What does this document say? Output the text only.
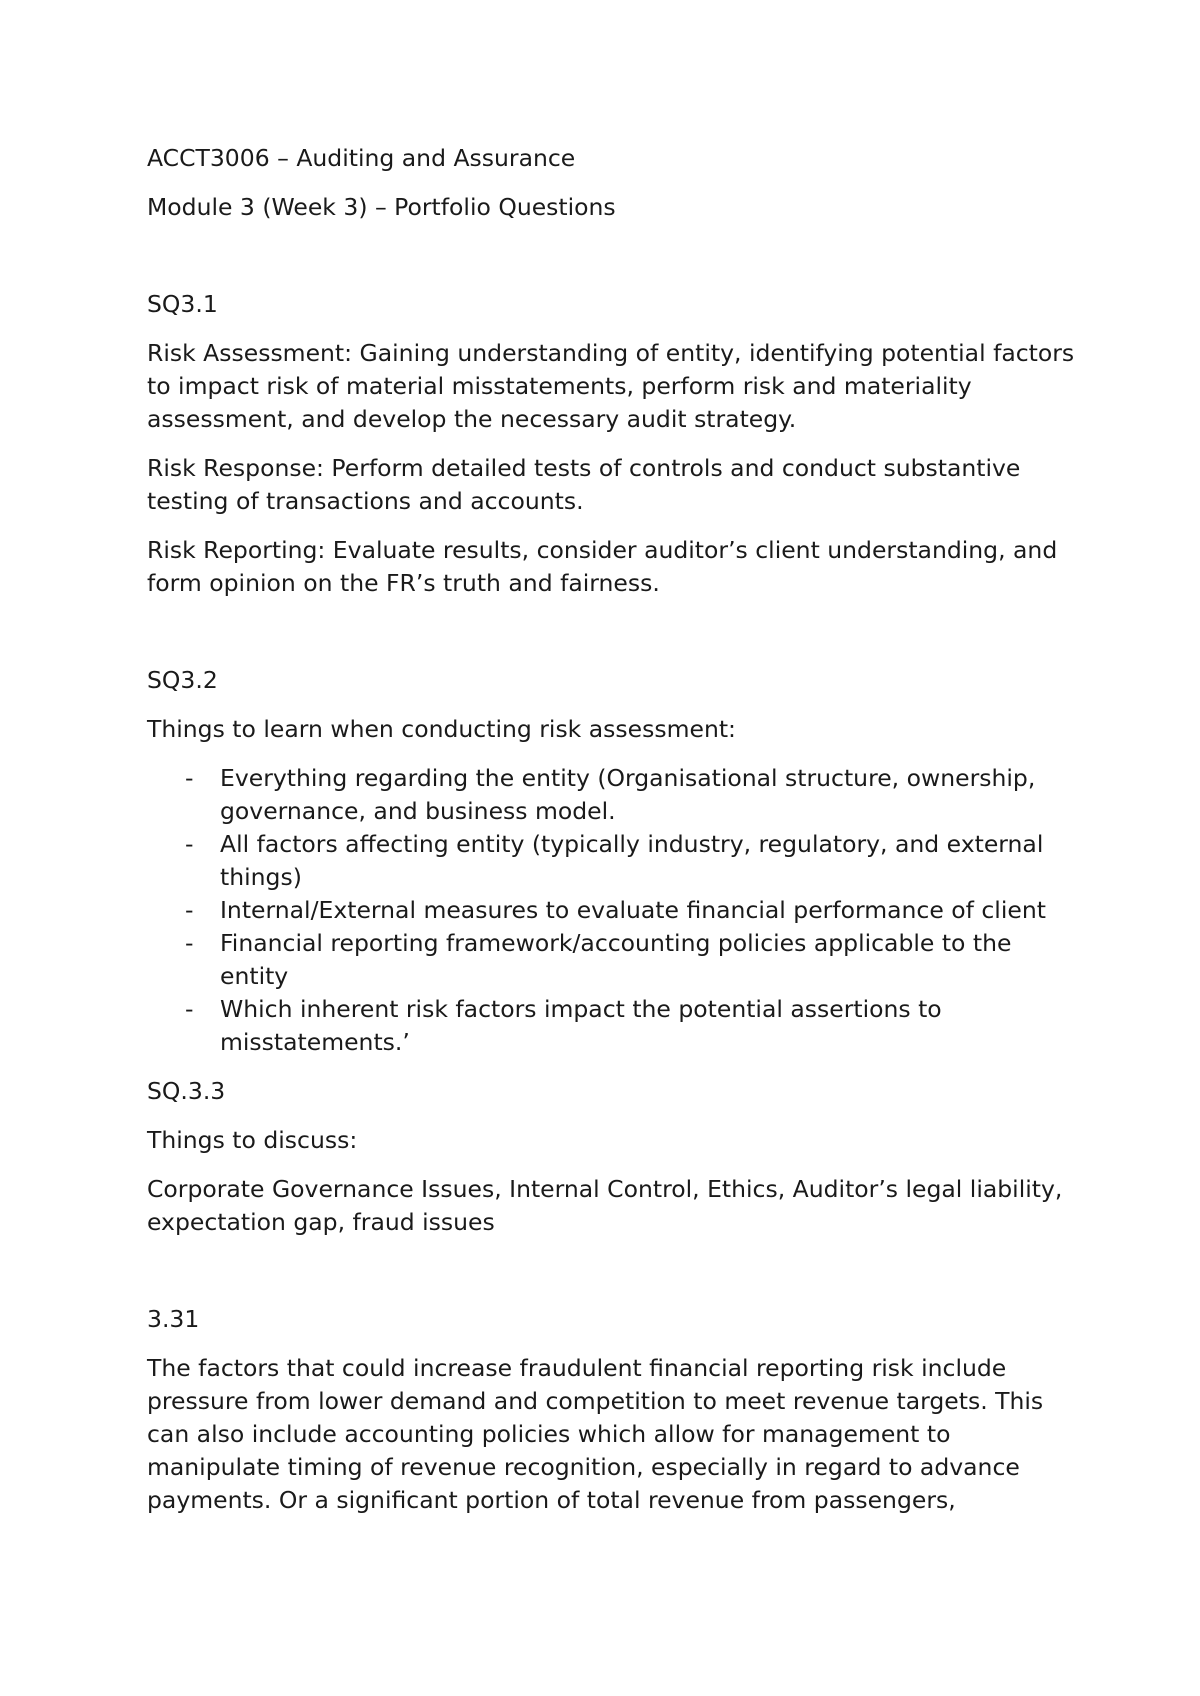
ACCT3006 – Auditing and Assurance

Module 3 (Week 3) – Portfolio Questions

SQ3.1

Risk Assessment: Gaining understanding of entity, identifying potential factors to impact risk of material misstatements, perform risk and materiality assessment, and develop the necessary audit strategy.

Risk Response: Perform detailed tests of controls and conduct substantive testing of transactions and accounts.

Risk Reporting: Evaluate results, consider auditor’s client understanding, and form opinion on the FR’s truth and fairness.

SQ3.2

Things to learn when conducting risk assessment:

- Everything regarding the entity (Organisational structure, ownership, governance, and business model.
- All factors affecting entity (typically industry, regulatory, and external things)
- Internal/External measures to evaluate financial performance of client
- Financial reporting framework/accounting policies applicable to the entity
- Which inherent risk factors impact the potential assertions to misstatements.’

SQ.3.3

Things to discuss:

Corporate Governance Issues, Internal Control, Ethics, Auditor’s legal liability, expectation gap, fraud issues

3.31

The factors that could increase fraudulent financial reporting risk include pressure from lower demand and competition to meet revenue targets. This can also include accounting policies which allow for management to manipulate timing of revenue recognition, especially in regard to advance payments. Or a significant portion of total revenue from passengers,
